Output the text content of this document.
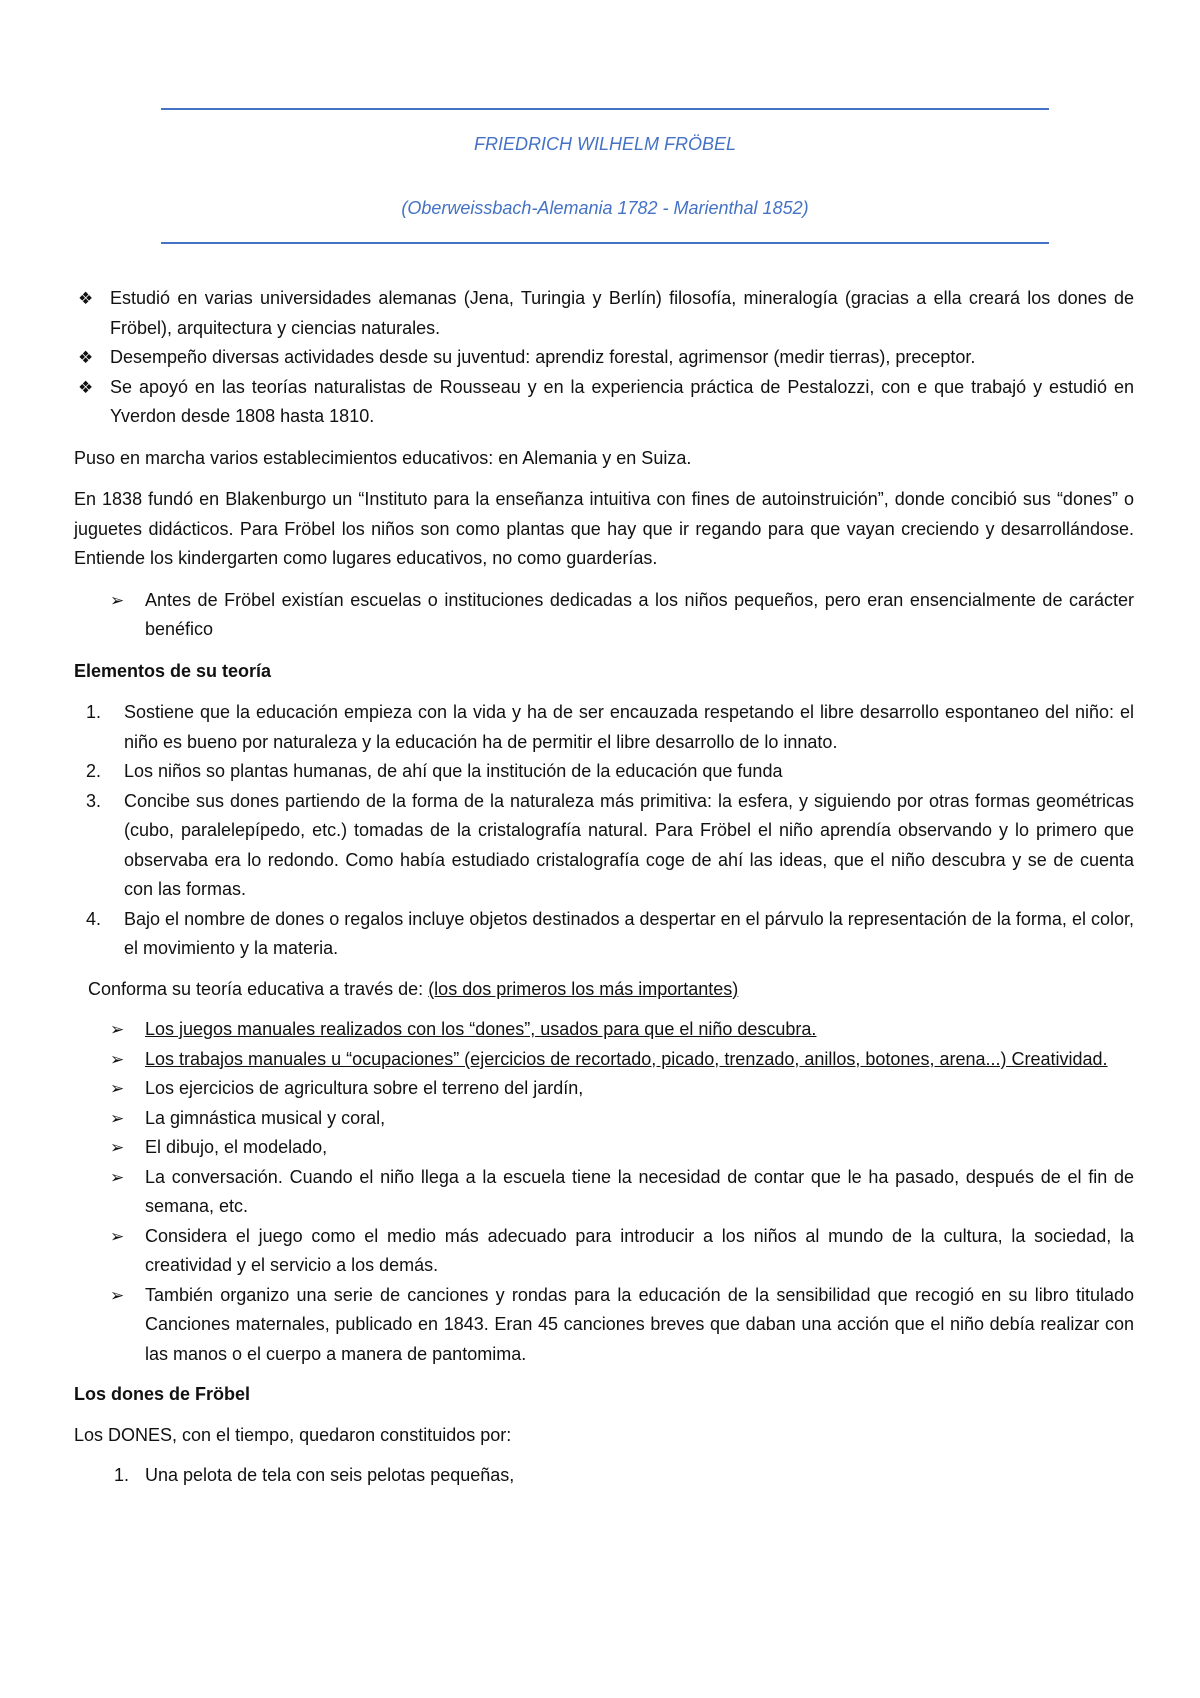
FRIEDRICH WILHELM FRÖBEL
(Oberweissbach-Alemania 1782 - Marienthal 1852)
❖ Estudió en varias universidades alemanas (Jena, Turingia y Berlín) filosofía, mineralogía (gracias a ella creará los dones de Fröbel), arquitectura y ciencias naturales.
❖ Desempeño diversas actividades desde su juventud: aprendiz forestal, agrimensor (medir tierras), preceptor.
❖ Se apoyó en las teorías naturalistas de Rousseau y en la experiencia práctica de Pestalozzi, con e que trabajó y estudió en Yverdon desde 1808 hasta 1810.

Puso en marcha varios establecimientos educativos: en Alemania y en Suiza.

En 1838 fundó en Blakenburgo un “Instituto para la enseñanza intuitiva con fines de autoinstruición”, donde concibió sus “dones” o juguetes didácticos. Para Fröbel los niños son como plantas que hay que ir regando para que vayan creciendo y desarrollándose. Entiende los kindergarten como lugares educativos, no como guarderías.

➢ Antes de Fröbel existían escuelas o instituciones dedicadas a los niños pequeños, pero eran ensencialmente de carácter benéfico

Elementos de su teoría

1. Sostiene que la educación empieza con la vida y ha de ser encauzada respetando el libre desarrollo espontaneo del niño: el niño es bueno por naturaleza y la educación ha de permitir el libre desarrollo de lo innato.
2. Los niños so plantas humanas, de ahí que la institución de la educación que funda
3. Concibe sus dones partiendo de la forma de la naturaleza más primitiva: la esfera, y siguiendo por otras formas geométricas (cubo, paralelepípedo, etc.) tomadas de la cristalografía natural. Para Fröbel el niño aprendía observando y lo primero que observaba era lo redondo. Como había estudiado cristalografía coge de ahí las ideas, que el niño descubra y se de cuenta con las formas.
4. Bajo el nombre de dones o regalos incluye objetos destinados a despertar en el párvulo la representación de la forma, el color, el movimiento y la materia.

Conforma su teoría educativa a través de: (los dos primeros los más importantes)

➢ Los juegos manuales realizados con los “dones”, usados para que el niño descubra.
➢ Los trabajos manuales u “ocupaciones” (ejercicios de recortado, picado, trenzado, anillos, botones, arena...) Creatividad.
➢ Los ejercicios de agricultura sobre el terreno del jardín,
➢ La gimnástica musical y coral,
➢ El dibujo, el modelado,
➢ La conversación. Cuando el niño llega a la escuela tiene la necesidad de contar que le ha pasado, después de el fin de semana, etc.
➢ Considera el juego como el medio más adecuado para introducir a los niños al mundo de la cultura, la sociedad, la creatividad y el servicio a los demás.
➢ También organizo una serie de canciones y rondas para la educación de la sensibilidad que recogió en su libro titulado Canciones maternales, publicado en 1843. Eran 45 canciones breves que daban una acción que el niño debía realizar con las manos o el cuerpo a manera de pantomima.

Los dones de Fröbel

Los DONES, con el tiempo, quedaron constituidos por:

1. Una pelota de tela con seis pelotas pequeñas,
